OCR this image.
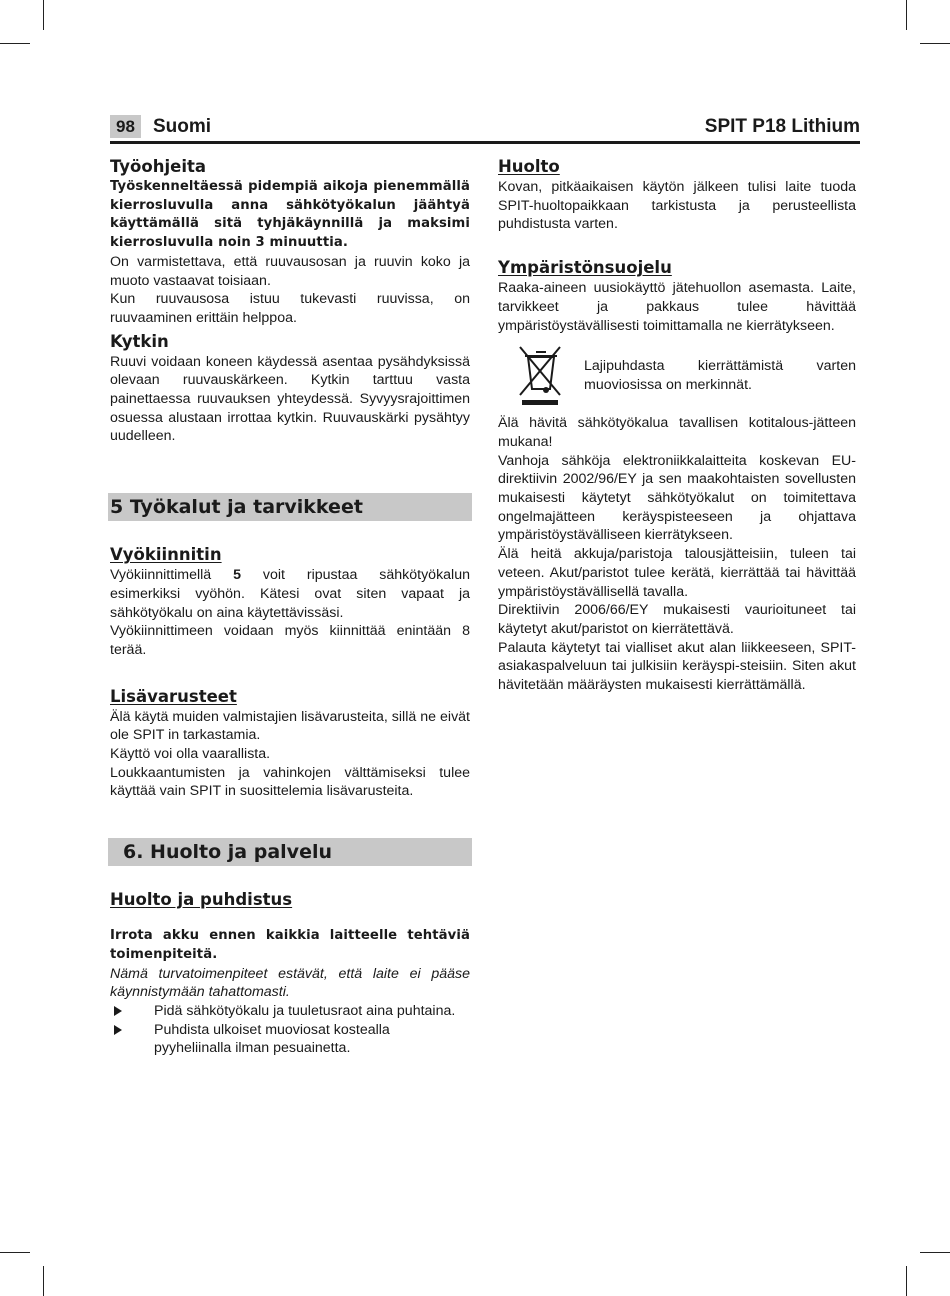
98 Suomi	SPIT P18 Lithium
Työohjeita

Työskenneltäessä pidempiä aikoja pienemmällä kierrosluvulla anna sähkötyökalun jäähtyä käyttämällä sitä tyhjäkäynnillä ja maksimi kierrosluvulla noin 3 minuuttia.

On varmistettava, että ruuvausosan ja ruuvin koko ja muoto vastaavat toisiaan.

Kun ruuvausosa istuu tukevasti ruuvissa, on ruuvaaminen erittäin helppoa.

Kytkin

Ruuvi voidaan koneen käydessä asentaa pysähdyksissä olevaan ruuvauskärkeen. Kytkin tarttuu vasta painettaessa ruuvauksen yhteydessä. Syvyysrajoittimen osuessa alustaan irrottaa kytkin. Ruuvauskärki pysähtyy uudelleen.

5 Työkalut ja tarvikkeet
Vyökiinnitin

Vyökiinnittimellä 5 voit ripustaa sähkötyökalun esimerkiksi vyöhön. Kätesi ovat siten vapaat ja sähkötyökalu on aina käytettävissäsi.

Vyökiinnittimeen voidaan myös kiinnittää enintään 8 terää.

Lisävarusteet

Älä käytä muiden valmistajien lisävarusteita, sillä ne eivät ole SPIT in tarkastamia.

Käyttö voi olla vaarallista.

Loukkaantumisten ja vahinkojen välttämiseksi tulee käyttää vain SPIT in suosittelemia lisävarusteita.

6. Huolto ja palvelu
Huolto ja puhdistus

Irrota akku ennen kaikkia laitteelle tehtäviä toimenpiteitä.

Nämä turvatoimenpiteet estävät, että laite ei pääse käynnistymään tahattomasti.

Pidä sähkötyökalu ja tuuletusraot aina puhtaina.
Puhdista ulkoiset muoviosat kostealla pyyheliinalla ilman pesuainetta.
Huolto

Kovan, pitkäaikaisen käytön jälkeen tulisi laite tuoda SPIT-huoltopaikkaan tarkistusta ja perusteellista puhdistusta varten.

Ympäristönsuojelu

Raaka-aineen uusiokäyttö jätehuollon asemasta. Laite, tarvikkeet ja pakkaus tulee hävittää ympäristöystävällisesti toimittamalla ne kierrätykseen.

Lajipuhdasta kierrättämistä varten muoviosissa on merkinnät.

Älä hävitä sähkötyökalua tavallisen kotitalous-jätteen mukana!

Vanhoja sähköja elektroniikkalaitteita koskevan EU-direktiivin 2002/96/EY ja sen maakohtaisten sovellusten mukaisesti käytetyt sähkötyökalut on toimitettava ongelmajätteen keräyspisteeseen ja ohjattava ympäristöystävälliseen kierrätykseen.

Älä heitä akkuja/paristoja talousjätteisiin, tuleen tai veteen. Akut/paristot tulee kerätä, kierrättää tai hävittää ympäristöystävällisellä tavalla.

Direktiivin 2006/66/EY mukaisesti vaurioituneet tai käytetyt akut/paristot on kierrätettävä.

Palauta käytetyt tai vialliset akut alan liikkeeseen, SPIT-asiakaspalveluun tai julkisiin keräyspi-steisiin. Siten akut hävitetään määräysten mukaisesti kierrättämällä.
